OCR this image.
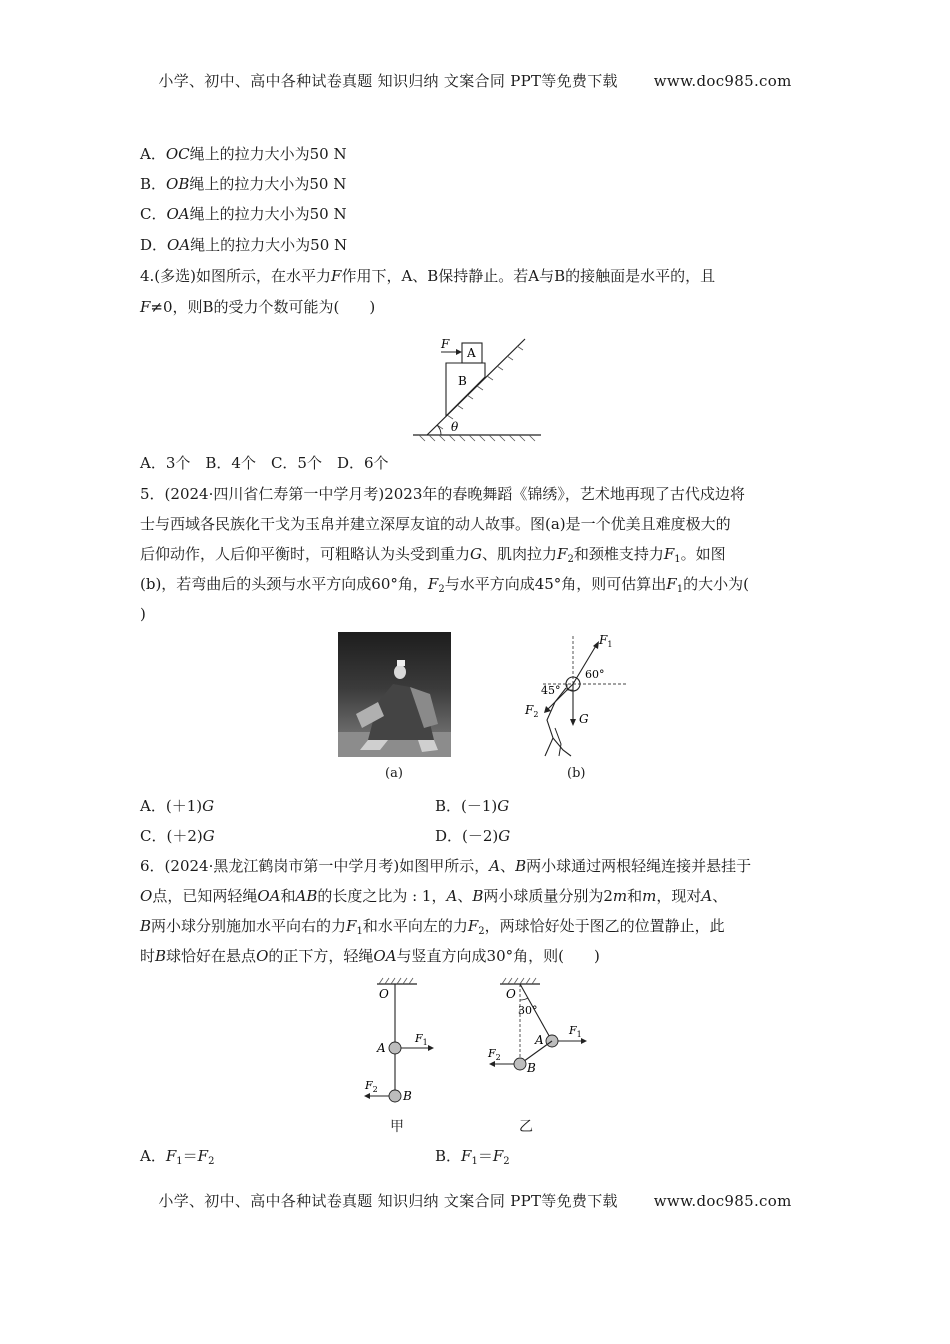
小学、初中、高中各种试卷真题 知识归纳 文案合同 PPT等免费下载 www.doc985.com
A．OC绳上的拉力大小为50 N
B．OB绳上的拉力大小为50 N
C．OA绳上的拉力大小为50 N
D．OA绳上的拉力大小为50 N
4.(多选)如图所示，在水平力F作用下，A、B保持静止。若A与B的接触面是水平的，且
F≠0，则B的受力个数可能为(　　)
θ
B
A
F
A．3个　B．4个　C．5个　D．6个
5．(2024·四川省仁寿第一中学月考)2023年的春晚舞蹈《锦绣》，艺术地再现了古代戍边将
士与西域各民族化干戈为玉帛并建立深厚友谊的动人故事。图(a)是一个优美且难度极大的
后仰动作，人后仰平衡时，可粗略认为头受到重力G、肌肉拉力$F_2$和颈椎支持力$F_1$。如图
(b)，若弯曲后的头颈与水平方向成60°角，$F_2$与水平方向成45°角，则可估算出$F_1$的大小为(
)
(a)
$F_1$
60°
$F_2$
45°
G
(b)
A．(＋1)G	B．(－1)G
C．(＋2)G	D．(－2)G
6．(2024·黑龙江鹤岗市第一中学月考)如图甲所示，A、B两小球通过两根轻绳连接并悬挂于
O点，已知两轻绳OA和AB的长度之比为 : 1，A、B两小球质量分别为2m和m，现对A、
B两小球分别施加水平向右的力$F_1$和水平向左的力$F_2$，两球恰好处于图乙的位置静止，此
时B球恰好在悬点O的正下方，轻绳OA与竖直方向成30°角，则(　　)
O
A
$F_1$
B
$F_2$
甲
O
30°
A
$F_1$
B
$F_2$
乙
A．$F_1=F_2$	B．$F_1=F_2$
小学、初中、高中各种试卷真题 知识归纳 文案合同 PPT等免费下载 www.doc985.com
